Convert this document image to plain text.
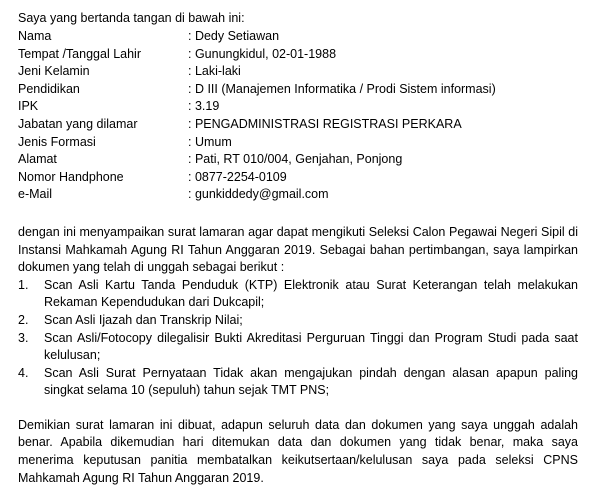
Saya yang bertanda tangan di bawah ini:

Nama	: Dedy Setiawan
Tempat /Tanggal Lahir	: Gunungkidul, 02-01-1988
Jeni Kelamin	: Laki-laki
Pendidikan	: D III (Manajemen Informatika / Prodi Sistem informasi)
IPK	: 3.19
Jabatan yang dilamar	: PENGADMINISTRASI REGISTRASI PERKARA
Jenis Formasi	: Umum
Alamat	: Pati, RT 010/004, Genjahan, Ponjong
Nomor Handphone	: 0877-2254-0109
e-Mail	: gunkiddedy@gmail.com

dengan ini menyampaikan surat lamaran agar dapat mengikuti Seleksi Calon Pegawai Negeri Sipil di Instansi Mahkamah Agung RI Tahun Anggaran 2019. Sebagai bahan pertimbangan, saya lampirkan dokumen yang telah di unggah sebagai berikut :

1.	Scan Asli Kartu Tanda Penduduk (KTP) Elektronik atau Surat Keterangan telah melakukan Rekaman Kependudukan dari Dukcapil;
2.	Scan Asli Ijazah dan Transkrip Nilai;
3.	Scan Asli/Fotocopy dilegalisir Bukti Akreditasi Perguruan Tinggi dan Program Studi pada saat kelulusan;
4.	Scan Asli Surat Pernyataan Tidak akan mengajukan pindah dengan alasan apapun paling singkat selama 10 (sepuluh) tahun sejak TMT PNS;

Demikian surat lamaran ini dibuat, adapun seluruh data dan dokumen yang saya unggah adalah benar. Apabila dikemudian hari ditemukan data dan dokumen yang tidak benar, maka saya menerima keputusan panitia membatalkan keikutsertaan/kelulusan saya pada seleksi CPNS Mahkamah Agung RI Tahun Anggaran 2019.
